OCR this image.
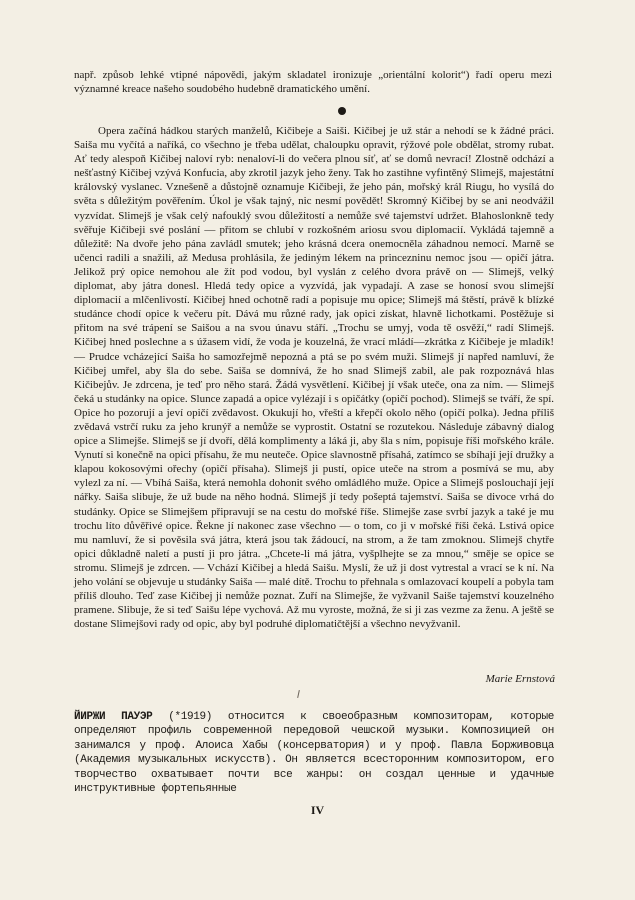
např. způsob lehké vtipné nápovědi, jakým skladatel ironizuje „orientální kolorit“) řadí operu mezi významné kreace našeho soudobého hudebně dramatického umění.

Opera začíná hádkou starých manželů, Kičibeje a Saiši. Kičibej je už stár a nehodí se k žádné práci. Saiša mu vyčítá a naříká, co všechno je třeba udělat, chaloupku opravit, rýžové pole obdělat, stromy rubat. Ať tedy alespoň Kičibej naloví ryb: nenaloví-li do večera plnou síť, ať se domů nevrací! Zlostně odchází a nešťastný Kičibej vzývá Konfucia, aby zkrotil jazyk jeho ženy. Tak ho zastihne vyfintěný Slimejš, majestátní královský vyslanec. Vznešeně a důstojně oznamuje Kičibeji, že jeho pán, mořský král Riugu, ho vysílá do světa s důležitým pověřením. Úkol je však tajný, nic nesmí povědět! Skromný Kičibej by se ani neodvážil vyzvídat. Slimejš je však celý nafouklý svou důležitostí a nemůže své tajemství udržet. Blahoslonkně tedy svěřuje Kičibeji své poslání — přitom se chlubí v rozkošném ariosu svou diplomacií. Vykládá tajemně a důležitě: Na dvoře jeho pána zavládl smutek; jeho krásná dcera onemocněla záhadnou nemocí. Marně se učenci radili a snažili, až Medusa prohlásila, že jediným lékem na princezninu nemoc jsou — opičí játra. Jelikož prý opice nemohou ale žít pod vodou, byl vyslán z celého dvora právě on — Slimejš, velký diplomat, aby játra donesl. Hledá tedy opice a vyzvídá, jak vypadají. A zase se honosí svou slimejší diplomacií a mlčenlivostí. Kičibej hned ochotně radí a popisuje mu opice; Slimejš má štěstí, právě k blízké studánce chodí opice k večeru pít. Dává mu různé rady, jak opici získat, hlavně lichotkami. Postěžuje si přitom na své trápení se Saišou a na svou únavu stáří. „Trochu se umyj, voda tě osvěží,“ radí Slimejš. Kičibej hned poslechne a s úžasem vidí, že voda je kouzelná, že vrací mládí—zkrátka z Kičibeje je mladík! — Prudce vcházející Saiša ho samozřejmě nepozná a ptá se po svém muži. Slimejš jí napřed namluví, že Kičibej umřel, aby šla do sebe. Saiša se domnívá, že ho snad Slimejš zabil, ale pak rozpoznává hlas Kičibejův. Je zdrcena, je teď pro něho stará. Žádá vysvětlení. Kičibej jí však uteče, ona za ním. — Slimejš čeká u studánky na opice. Slunce zapadá a opice vylézají i s opičátky (opičí pochod). Slimejš se tváří, že spí. Opice ho pozorují a jeví opičí zvědavost. Okukují ho, vřeští a křepčí okolo něho (opičí polka). Jedna příliš zvědavá vstrčí ruku za jeho krunýř a nemůže se vyprostit. Ostatní se rozutekou. Následuje zábavný dialog opice a Slimejše. Slimejš se jí dvoří, dělá komplimenty a láká ji, aby šla s ním, popisuje říši mořského krále. Vynutí si konečně na opici přísahu, že mu neuteče. Opice slavnostně přísahá, zatímco se sbíhají její družky a klapou kokosovými ořechy (opičí přísaha). Slimejš ji pustí, opice uteče na strom a posmívá se mu, aby vylezl za ní. — Vbíhá Saiša, která nemohla dohonit svého omládlého muže. Opice a Slimejš poslouchají její nářky. Saiša slibuje, že už bude na něho hodná. Slimejš jí tedy pošeptá tajemství. Saiša se divoce vrhá do studánky. Opice se Slimejšem připravují se na cestu do mořské říše. Slimejše zase svrbí jazyk a také je mu trochu líto důvěřivé opice. Řekne jí nakonec zase všechno — o tom, co ji v mořské říši čeká. Lstivá opice mu namluví, že si pověsila svá játra, která jsou tak žádoucí, na strom, a že tam zmoknou. Slimejš chytře opici důkladně naletí a pustí ji pro játra. „Chcete-li má játra, vyšplhejte se za mnou,“ směje se opice se stromu. Slimejš je zdrcen. — Vchází Kičibej a hledá Saišu. Myslí, že už ji dost vytrestal a vrací se k ní. Na jeho volání se objevuje u studánky Saiša — malé dítě. Trochu to přehnala s omlazovací koupelí a pobyla tam příliš dlouho. Teď zase Kičibej ji nemůže poznat. Zuří na Slimejše, že vyžvanil Saiše tajemství kouzelného pramene. Slibuje, že si teď Saišu lépe vychová. Až mu vyroste, možná, že si ji zas vezme za ženu. A ještě se dostane Slimejšovi rady od opic, aby byl podruhé diplomatičtější a všechno nevyžvanil.

Marie Ernstová
ЙИРЖИ ПАУЭР (*1919) относится к своеобразным композиторам, которые определяют профиль современной передовой чешской музыки. Композицией он занимался у проф. Алоиса Хабы (консерватория) и у проф. Павла Борживовца (Академия музыкальных искусств). Он является всесторонним композитором, его творчество охватывает почти все жанры: он создал ценные и удачные инструктивные фортепьянные
IV
